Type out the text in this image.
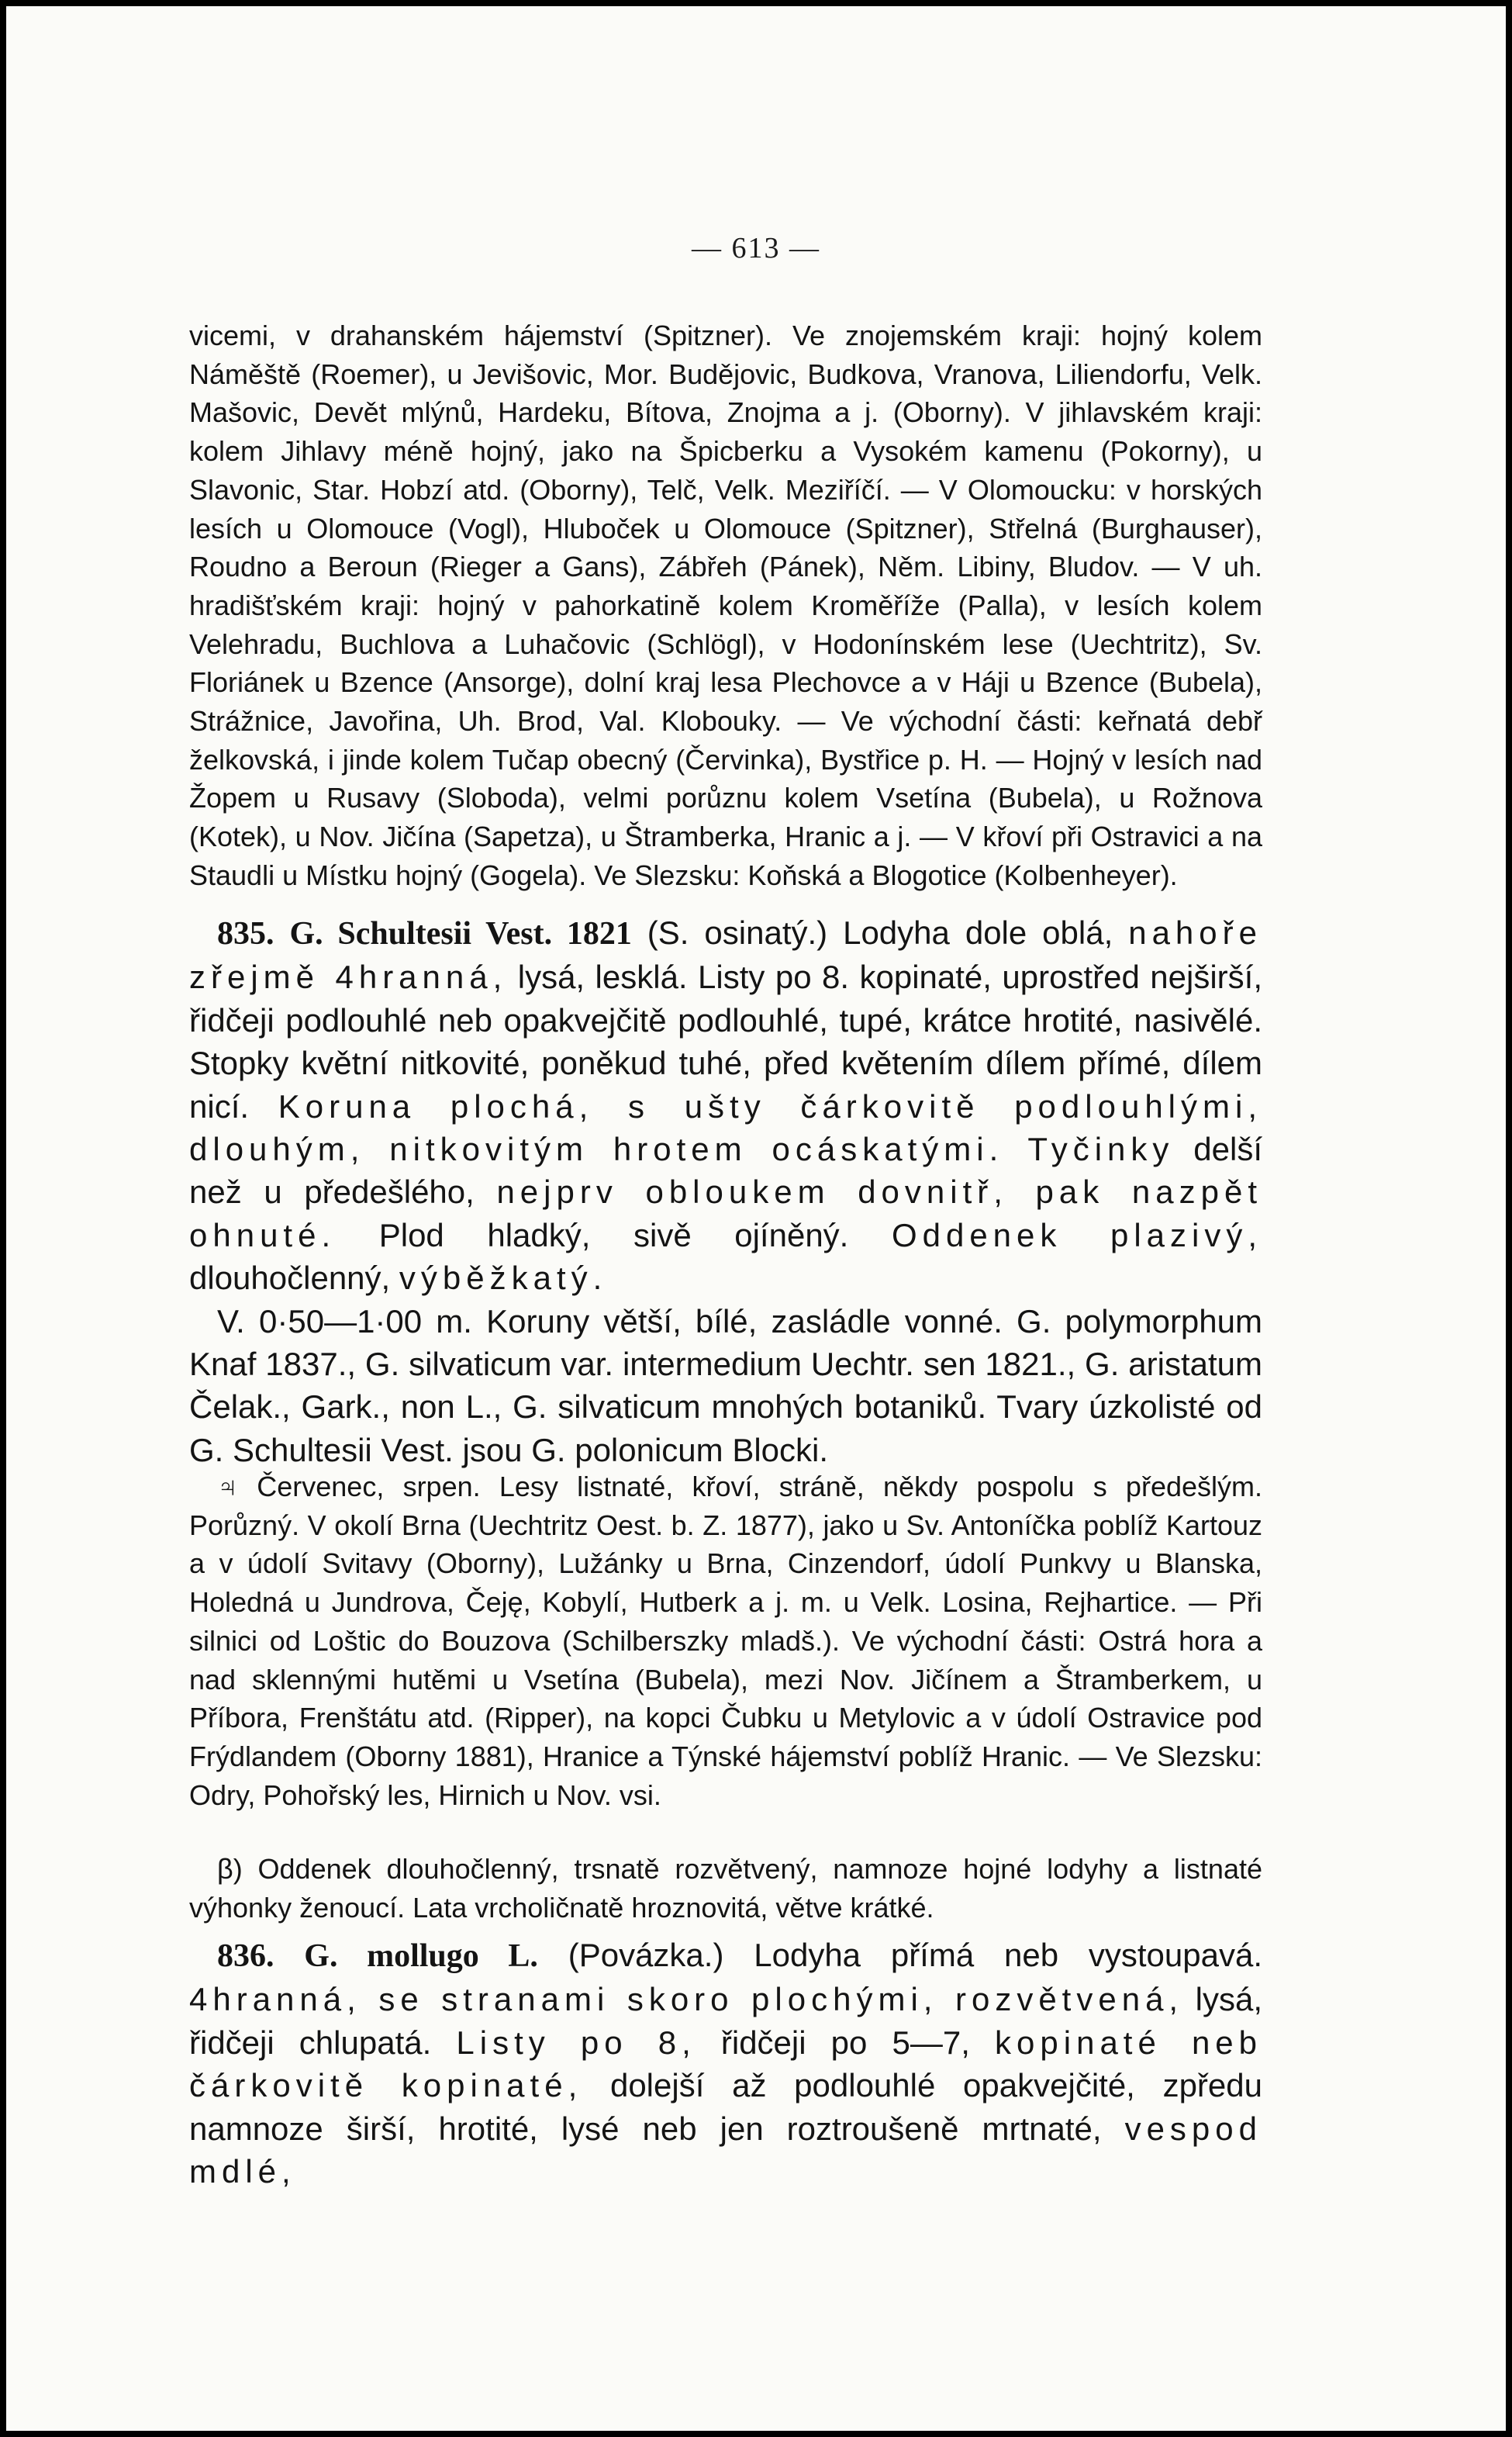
— 613 —

vicemi, v drahanském hájemství (Spitzner). Ve znojemském kraji: hojný kolem Náměště (Roemer), u Jevišovic, Mor. Budějovic, Budkova, Vranova, Liliendorfu, Velk. Mašovic, Devět mlýnů, Hardeku, Bítova, Znojma a j. (Oborny). V jihlavském kraji: kolem Jihlavy méně hojný, jako na Špicberku a Vysokém kamenu (Pokorny), u Slavonic, Star. Hobzí atd. (Oborny), Telč, Velk. Meziříčí. — V Olomoucku: v horských lesích u Olomouce (Vogl), Hluboček u Olomouce (Spitzner), Střelná (Burghauser), Roudno a Beroun (Rieger a Gans), Zábřeh (Pánek), Něm. Libiny, Bludov. — V uh. hradišťském kraji: hojný v pahorkatině kolem Kroměříže (Palla), v lesích kolem Velehradu, Buchlova a Luhačovic (Schlögl), v Hodonínském lese (Uechtritz), Sv. Floriánek u Bzence (Ansorge), dolní kraj lesa Plechovce a v Háji u Bzence (Bubela), Strážnice, Javořina, Uh. Brod, Val. Klobouky. — Ve východní části: keřnatá debř želkovská, i jinde kolem Tučap obecný (Červinka), Bystřice p. H. — Hojný v lesích nad Žopem u Rusavy (Sloboda), velmi porůznu kolem Vsetína (Bubela), u Rožnova (Kotek), u Nov. Jičína (Sapetza), u Štramberka, Hranic a j. — V křoví při Ostravici a na Staudli u Místku hojný (Gogela). Ve Slezsku: Koňská a Blogotice (Kolbenheyer).

835. G. Schultesii Vest. 1821 (S. osinatý.) Lodyha dole oblá, nahoře zřejmě 4hranná, lysá, lesklá. Listy po 8. kopinaté, uprostřed nejširší, řidčeji podlouhlé neb opakvejčitě podlouhlé, tupé, krátce hrotité, nasivělé. Stopky květní nitkovité, poněkud tuhé, před květením dílem přímé, dílem nicí. Koruna plochá, s ušty čárkovitě podlouhlými, dlouhým, nitkovitým hrotem ocáskatými. Tyčinky delší než u předešlého, nejprv obloukem dovnitř, pak nazpět ohnuté. Plod hladký, sivě ojíněný. Oddenek plazivý, dlouhočlenný, výběžkatý.

V. 0·50—1·00 m. Koruny větší, bílé, zasládle vonné. G. polymorphum Knaf 1837., G. silvaticum var. intermedium Uechtr. sen 1821., G. aristatum Čelak., Gark., non L., G. silvaticum mnohých botaniků. Tvary úzkolisté od G. Schultesii Vest. jsou G. polonicum Blocki.

♃ Červenec, srpen. Lesy listnaté, křoví, stráně, někdy pospolu s předešlým. Porůzný. V okolí Brna (Uechtritz Oest. b. Z. 1877), jako u Sv. Antoníčka poblíž Kartouz a v údolí Svitavy (Oborny), Lužánky u Brna, Cinzendorf, údolí Punkvy u Blanska, Holedná u Jundrova, Čeję, Kobylí, Hutberk a j. m. u Velk. Losina, Rejhartice. — Při silnici od Loštic do Bouzova (Schilberszky mladš.). Ve východní části: Ostrá hora a nad sklennými hutěmi u Vsetína (Bubela), mezi Nov. Jičínem a Štramberkem, u Příbora, Frenštátu atd. (Ripper), na kopci Čubku u Metylovic a v údolí Ostravice pod Frýdlandem (Oborny 1881), Hranice a Týnské hájemství poblíž Hranic. — Ve Slezsku: Odry, Pohořský les, Hirnich u Nov. vsi.

β) Oddenek dlouhočlenný, trsnatě rozvětvený, namnoze hojné lodyhy a listnaté výhonky ženoucí. Lata vrcholičnatě hroznovitá, větve krátké.

836. G. mollugo L. (Povázka.) Lodyha přímá neb vystoupavá. 4hranná, se stranami skoro plochými, rozvětvená, lysá, řidčeji chlupatá. Listy po 8, řidčeji po 5—7, kopinaté neb čárkovitě kopinaté, dolejší až podlouhlé opakvejčité, zpředu namnoze širší, hrotité, lysé neb jen roztroušeně mrtnaté, vespod mdlé,
